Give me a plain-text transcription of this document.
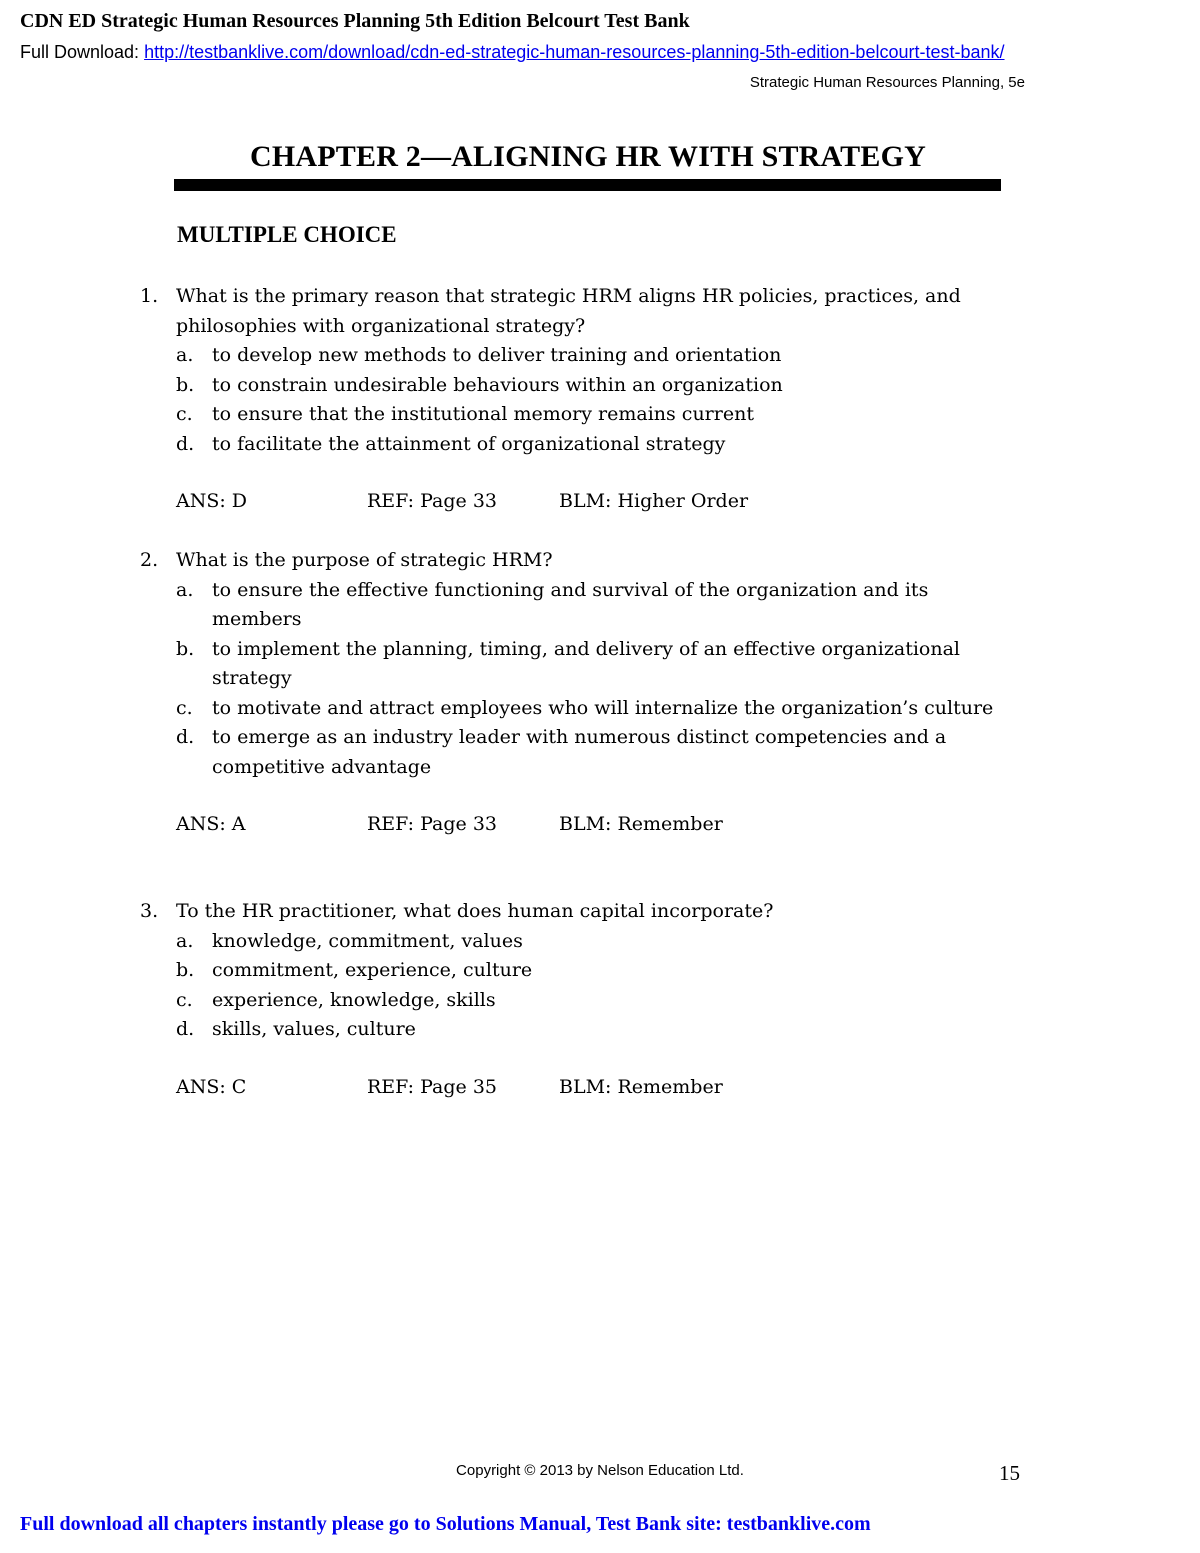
CDN ED Strategic Human Resources Planning 5th Edition Belcourt Test Bank
Full Download: http://testbanklive.com/download/cdn-ed-strategic-human-resources-planning-5th-edition-belcourt-test-bank/
Strategic Human Resources Planning, 5e
CHAPTER 2—ALIGNING HR WITH STRATEGY
MULTIPLE CHOICE
1. What is the primary reason that strategic HRM aligns HR policies, practices, and philosophies with organizational strategy?
a. to develop new methods to deliver training and orientation
b. to constrain undesirable behaviours within an organization
c.	to ensure that the institutional memory remains current
d. to facilitate the attainment of organizational strategy
ANS: D	REF: Page 33	BLM: Higher Order
2. What is the purpose of strategic HRM?
a. to ensure the effective functioning and survival of the organization and its members
b. to implement the planning, timing, and delivery of an effective organizational strategy
c.	to motivate and attract employees who will internalize the organization’s culture
d. to emerge as an industry leader with numerous distinct competencies and a competitive advantage
ANS: A	REF: Page 33	BLM: Remember
3. To the HR practitioner, what does human capital incorporate?
a. knowledge, commitment, values
b. commitment, experience, culture
c.	experience, knowledge, skills
d. skills, values, culture
ANS: C	REF: Page 35	BLM: Remember
Copyright © 2013 by Nelson Education Ltd.	15
Full download all chapters instantly please go to Solutions Manual, Test Bank site: testbanklive.com
